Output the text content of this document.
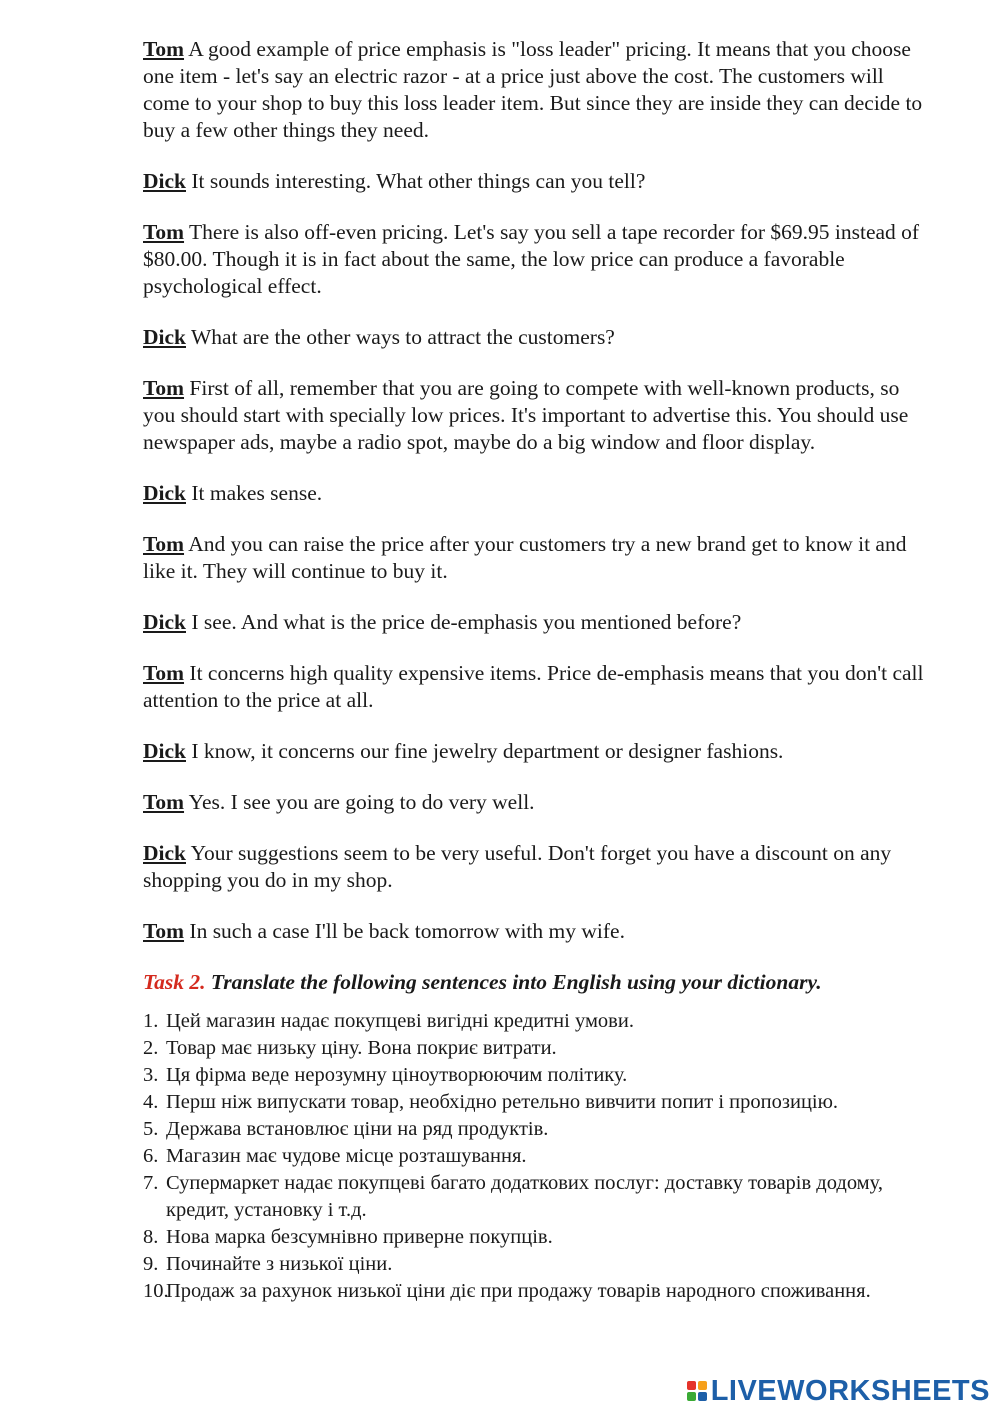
Tom A good example of price emphasis is "loss leader" pricing. It means that you choose one item - let's say an electric razor - at a price just above the cost. The customers will come to your shop to buy this loss leader item. But since they are inside they can decide to buy a few other things they need.

Dick It sounds interesting. What other things can you tell?

Tom There is also off-even pricing. Let's say you sell a tape recorder for $69.95 instead of $80.00. Though it is in fact about the same, the low price can produce a favorable psychological effect.

Dick What are the other ways to attract the customers?

Tom First of all, remember that you are going to compete with well-known products, so you should start with specially low prices. It's important to advertise this. You should use newspaper ads, maybe a radio spot, maybe do a big window and floor display.

Dick It makes sense.

Tom And you can raise the price after your customers try a new brand get to know it and like it. They will continue to buy it.

Dick I see. And what is the price de-emphasis you mentioned before?

Tom It concerns high quality expensive items. Price de-emphasis means that you don't call attention to the price at all.

Dick I know, it concerns our fine jewelry department or designer fashions.

Tom Yes. I see you are going to do very well.

Dick Your suggestions seem to be very useful. Don't forget you have a discount on any shopping you do in my shop.

Tom In such a case I'll be back tomorrow with my wife.

Task 2. Translate the following sentences into English using your dictionary.
1. Цей магазин надає покупцеві вигідні кредитні умови.
2. Товар має низьку ціну. Вона покриє витрати.
3. Ця фірма веде нерозумну ціноутворюючим політику.
4. Перш ніж випускати товар, необхідно ретельно вивчити попит і пропозицію.
5. Держава встановлює ціни на ряд продуктів.
6. Магазин має чудове місце розташування.
7. Супермаркет надає покупцеві багато додаткових послуг: доставку товарів додому, кредит, установку і т.д.
8. Нова марка безсумнівно приверне покупців.
9. Починайте з низької ціни.
10.
Продаж за рахунок низької ціни діє при продажу товарів народного споживання.
LIVEWORKSHEETS
